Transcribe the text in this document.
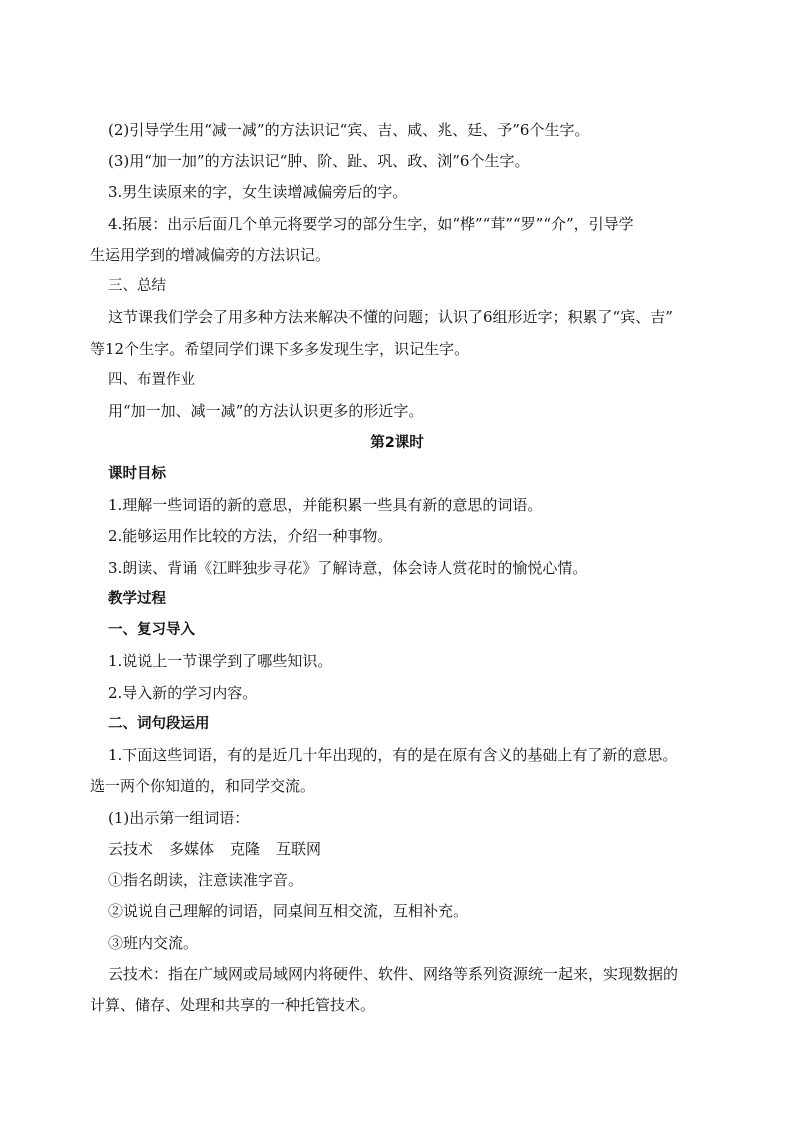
(2)引导学生用“减一减”的方法识记“宾、吉、咸、兆、廷、予”6个生字。
(3)用“加一加”的方法识记“肿、阶、趾、巩、政、浏”6个生字。
3.男生读原来的字，女生读增减偏旁后的字。
4.拓展：出示后面几个单元将要学习的部分生字，如“桦”“茸”“罗”“介”，引导学
生运用学到的增减偏旁的方法识记。
三、总结
这节课我们学会了用多种方法来解决不懂的问题；认识了6组形近字；积累了“宾、吉”
等12个生字。希望同学们课下多多发现生字，识记生字。
四、布置作业
用“加一加、减一减”的方法认识更多的形近字。
第2课时
课时目标
1.理解一些词语的新的意思，并能积累一些具有新的意思的词语。
2.能够运用作比较的方法，介绍一种事物。
3.朗读、背诵《江畔独步寻花》了解诗意，体会诗人赏花时的愉悦心情。
教学过程
一、复习导入
1.说说上一节课学到了哪些知识。
2.导入新的学习内容。
二、词句段运用
1.下面这些词语，有的是近几十年出现的，有的是在原有含义的基础上有了新的意思。
选一两个你知道的，和同学交流。
(1)出示第一组词语：
云技术 多媒体 克隆 互联网
①指名朗读，注意读准字音。
②说说自己理解的词语，同桌间互相交流，互相补充。
③班内交流。
云技术：指在广域网或局域网内将硬件、软件、网络等系列资源统一起来，实现数据的
计算、储存、处理和共享的一种托管技术。
